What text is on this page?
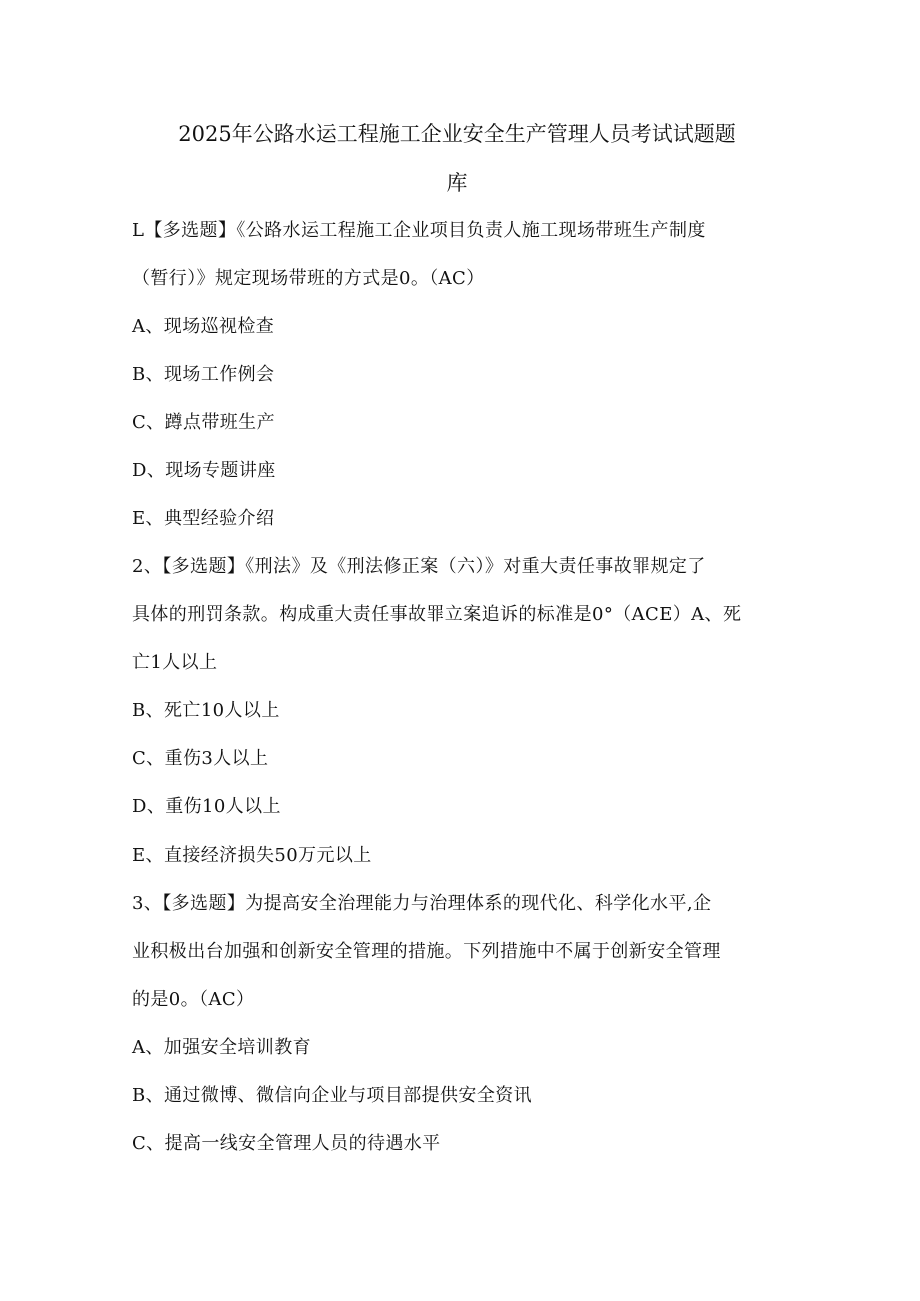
2025年公路水运工程施工企业安全生产管理人员考试试题题
库
L【多选题】《公路水运工程施工企业项目负责人施工现场带班生产制度
（暂行）》规定现场带班的方式是0。（AC）
A、现场巡视检查
B、现场工作例会
C、蹲点带班生产
D、现场专题讲座
E、典型经验介绍
2、【多选题】《刑法》及《刑法修正案（六）》对重大责任事故罪规定了
具体的刑罚条款。构成重大责任事故罪立案追诉的标准是0°（ACE）A、死
亡1人以上
B、死亡10人以上
C、重伤3人以上
D、重伤10人以上
E、直接经济损失50万元以上
3、【多选题】为提高安全治理能力与治理体系的现代化、科学化水平,企
业积极出台加强和创新安全管理的措施。下列措施中不属于创新安全管理
的是0。（AC）
A、加强安全培训教育
B、通过微博、微信向企业与项目部提供安全资讯
C、提高一线安全管理人员的待遇水平
